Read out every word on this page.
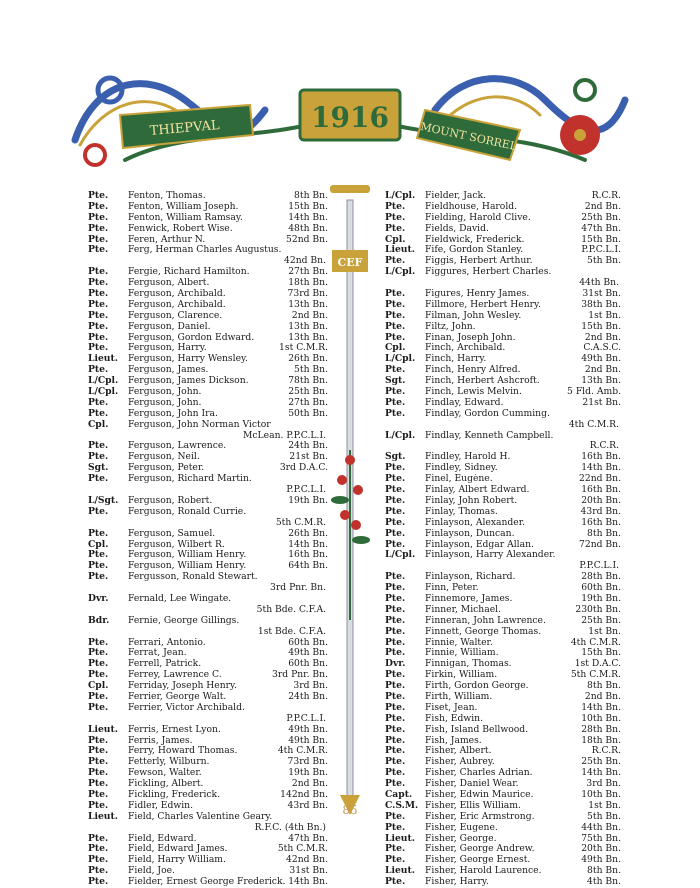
THIEPVAL	1916
MOUNT SORREL
CEF
Pte.	Fenton, Thomas.	8th Bn.
Pte.	Fenton, William Joseph.	15th Bn.
Pte.	Fenton, William Ramsay.	14th Bn.
Pte.	Fenwick, Robert Wise.	48th Bn.
Pte.	Feren, Arthur N.	52nd Bn.
Pte.	Ferg, Herman Charles Augustus.
42nd Bn.
Pte.	Fergie, Richard Hamilton.	27th Bn.
Pte.	Ferguson, Albert.	18th Bn.
Pte.	Ferguson, Archibald.	73rd Bn.
Pte.	Ferguson, Archibald.	13th Bn.
Pte.	Ferguson, Clarence.	2nd Bn.
Pte.	Ferguson, Daniel.	13th Bn.
Pte.	Ferguson, Gordon Edward.	13th Bn.
Pte.	Ferguson, Harry.	1st C.M.R.
Lieut.	Ferguson, Harry Wensley.	26th Bn.
Pte.	Ferguson, James.	5th Bn.
L/Cpl.	Ferguson, James Dickson.	78th Bn.
L/Cpl.	Ferguson, John.	25th Bn.
Pte.	Ferguson, John.	27th Bn.
Pte.	Ferguson, John Ira.	50th Bn.
Cpl.	Ferguson, John Norman Victor
McLean. P.P.C.L.I.
Pte.	Ferguson, Lawrence.	24th Bn.
Pte.	Ferguson, Neil.	21st Bn.
Sgt.	Ferguson, Peter.	3rd D.A.C.
Pte.	Ferguson, Richard Martin.
P.P.C.L.I.
L/Sgt.	Ferguson, Robert.	19th Bn.
Pte.	Ferguson, Ronald Currie.
5th C.M.R.
Pte.	Ferguson, Samuel.	26th Bn.
Cpl.	Ferguson, Wilbert R.	14th Bn.
Pte.	Ferguson, William Henry.	16th Bn.
Pte.	Ferguson, William Henry.	64th Bn.
Pte.	Fergusson, Ronald Stewart.
3rd Pnr. Bn.
Dvr.	Fernald, Lee Wingate.
5th Bde. C.F.A.
Bdr.	Fernie, George Gillings.
1st Bde. C.F.A.
Pte.	Ferrari, Antonio.	60th Bn.
Pte.	Ferrat, Jean.	49th Bn.
Pte.	Ferrell, Patrick.	60th Bn.
Pte.	Ferrey, Lawrence C.	3rd Pnr. Bn.
Cpl.	Ferriday, Joseph Henry.	3rd Bn.
Pte.	Ferrier, George Walt.	24th Bn.
Pte.	Ferrier, Victor Archibald.
P.P.C.L.I.
Lieut.	Ferris, Ernest Lyon.	49th Bn.
Pte.	Ferris, James.	49th Bn.
Pte.	Ferry, Howard Thomas.	4th C.M.R.
Pte.	Fetterly, Wilburn.	73rd Bn.
Pte.	Fewson, Walter.	19th Bn.
Pte.	Fickling, Albert.	2nd Bn.
Pte.	Fickling, Frederick.	142nd Bn.
Pte.	Fidler, Edwin.	43rd Bn.
Lieut.	Field, Charles Valentine Geary.
R.F.C. (4th Bn.)
Pte.	Field, Edward.	47th Bn.
Pte.	Field, Edward James.	5th C.M.R.
Pte.	Field, Harry William.	42nd Bn.
Pte.	Field, Joe.	31st Bn.
Pte.	Fielder, Ernest George Frederick. 14th Bn.
L/Cpl.	Fielder, Jack.	R.C.R.
Pte.	Fieldhouse, Harold.	2nd Bn.
Pte.	Fielding, Harold Clive.	25th Bn.
Pte.	Fields, David.	47th Bn.
Cpl.	Fieldwick, Frederick.	15th Bn.
Lieut.	Fife, Gordon Stanley.	P.P.C.L.I.
Pte.	Figgis, Herbert Arthur.	5th Bn.
L/Cpl.	Figgures, Herbert Charles.
44th Bn.
Pte.	Figures, Henry James.	31st Bn.
Pte.	Fillmore, Herbert Henry.	38th Bn.
Pte.	Filman, John Wesley.	1st Bn.
Pte.	Filtz, John.	15th Bn.
Pte.	Finan, Joseph John.	2nd Bn.
Cpl.	Finch, Archibald.	C.A.S.C.
L/Cpl.	Finch, Harry.	49th Bn.
Pte.	Finch, Henry Alfred.	2nd Bn.
Sgt.	Finch, Herbert Ashcroft.	13th Bn.
Pte.	Finch, Lewis Melvin.	5 Fld. Amb.
Pte.	Findlay, Edward.	21st Bn.
Pte.	Findlay, Gordon Cumming.
4th C.M.R.
L/Cpl.	Findlay, Kenneth Campbell.
R.C.R.
Sgt.	Findley, Harold H.	16th Bn.
Pte.	Findley, Sidney.	14th Bn.
Pte.	Finel, Eugène.	22nd Bn.
Pte.	Finlay, Albert Edward.	16th Bn.
Pte.	Finlay, John Robert.	20th Bn.
Pte.	Finlay, Thomas.	43rd Bn.
Pte.	Finlayson, Alexander.	16th Bn.
Pte.	Finlayson, Duncan.	8th Bn.
Pte.	Finlayson, Edgar Allan.	72nd Bn.
L/Cpl.	Finlayson, Harry Alexander.
P.P.C.L.I.
Pte.	Finlayson, Richard.	28th Bn.
Pte.	Finn, Peter.	60th Bn.
Pte.	Finnemore, James.	19th Bn.
Pte.	Finner, Michael.	230th Bn.
Pte.	Finneran, John Lawrence.	25th Bn.
Pte.	Finnett, George Thomas.	1st Bn.
Pte.	Finnie, Walter.	4th C.M.R.
Pte.	Finnie, William.	15th Bn.
Dvr.	Finnigan, Thomas.	1st D.A.C.
Pte.	Firkin, William.	5th C.M.R.
Pte.	Firth, Gordon George.	8th Bn.
Pte.	Firth, William.	2nd Bn.
Pte.	Fiset, Jean.	14th Bn.
Pte.	Fish, Edwin.	10th Bn.
Pte.	Fish, Island Bellwood.	28th Bn.
Pte.	Fish, James.	18th Bn.
Pte.	Fisher, Albert.	R.C.R.
Pte.	Fisher, Aubrey.	25th Bn.
Pte.	Fisher, Charles Adrian.	14th Bn.
Pte.	Fisher, Daniel Wear.	3rd Bn.
Capt.	Fisher, Edwin Maurice.	10th Bn.
C.S.M. Fisher, Ellis William.	1st Bn.
Pte.	Fisher, Eric Armstrong.	5th Bn.
Pte.	Fisher, Eugene.	44th Bn.
Lieut.	Fisher, George.	75th Bn.
Pte.	Fisher, George Andrew.	20th Bn.
Pte.	Fisher, George Ernest.	49th Bn.
Lieut.	Fisher, Harold Laurence.	8th Bn.
Pte.	Fisher, Harry.	4th Bn.
85
